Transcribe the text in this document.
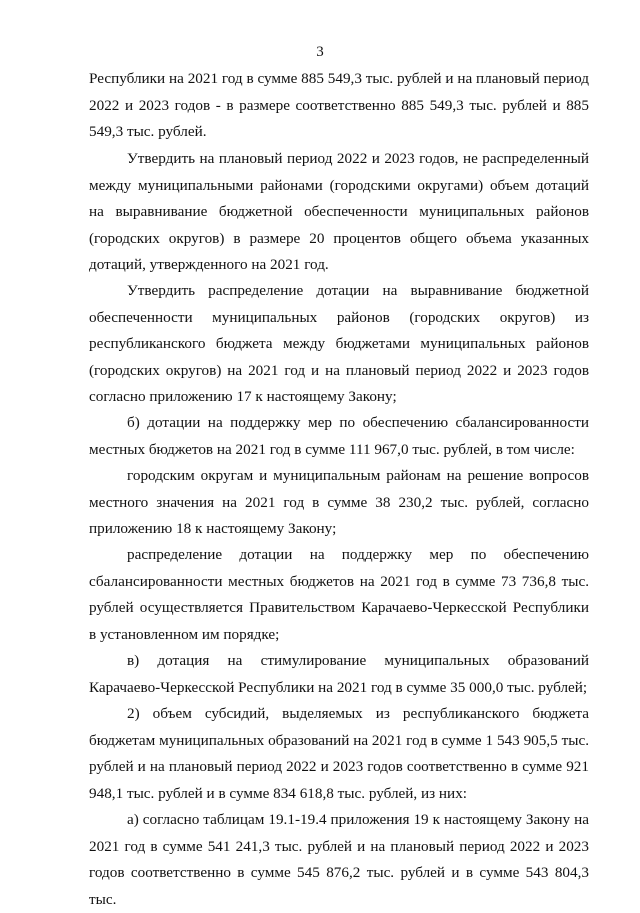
3

Республики на 2021 год в сумме 885 549,3 тыс. рублей и на плановый период 2022 и 2023 годов - в размере соответственно 885 549,3 тыс. рублей и 885 549,3 тыс. рублей.

Утвердить на плановый период 2022 и 2023 годов, не распределенный между муниципальными районами (городскими округами) объем дотаций на выравнивание бюджетной обеспеченности муниципальных районов (городских округов) в размере 20 процентов общего объема указанных дотаций, утвержденного на 2021 год.

Утвердить распределение дотации на выравнивание бюджетной обеспеченности муниципальных районов (городских округов) из республиканского бюджета между бюджетами муниципальных районов (городских округов) на 2021 год и на плановый период 2022 и 2023 годов согласно приложению 17 к настоящему Закону;

б) дотации на поддержку мер по обеспечению сбалансированности местных бюджетов на 2021 год в сумме 111 967,0 тыс. рублей, в том числе:

городским округам и муниципальным районам на решение вопросов местного значения на 2021 год в сумме 38 230,2 тыс. рублей, согласно приложению 18 к настоящему Закону;

распределение дотации на поддержку мер по обеспечению сбалансированности местных бюджетов на 2021 год в сумме 73 736,8 тыс. рублей осуществляется Правительством Карачаево-Черкесской Республики в установленном им порядке;

в) дотация на стимулирование муниципальных образований Карачаево-Черкесской Республики на 2021 год в сумме 35 000,0 тыс. рублей;

2) объем субсидий, выделяемых из республиканского бюджета бюджетам муниципальных образований на 2021 год в сумме 1 543 905,5 тыс. рублей и на плановый период 2022 и 2023 годов соответственно в сумме 921 948,1 тыс. рублей и в сумме 834 618,8 тыс. рублей, из них:

а) согласно таблицам 19.1-19.4 приложения 19 к настоящему Закону на 2021 год в сумме 541 241,3 тыс. рублей и на плановый период 2022 и 2023 годов соответственно в сумме 545 876,2 тыс. рублей и в сумме 543 804,3 тыс.
